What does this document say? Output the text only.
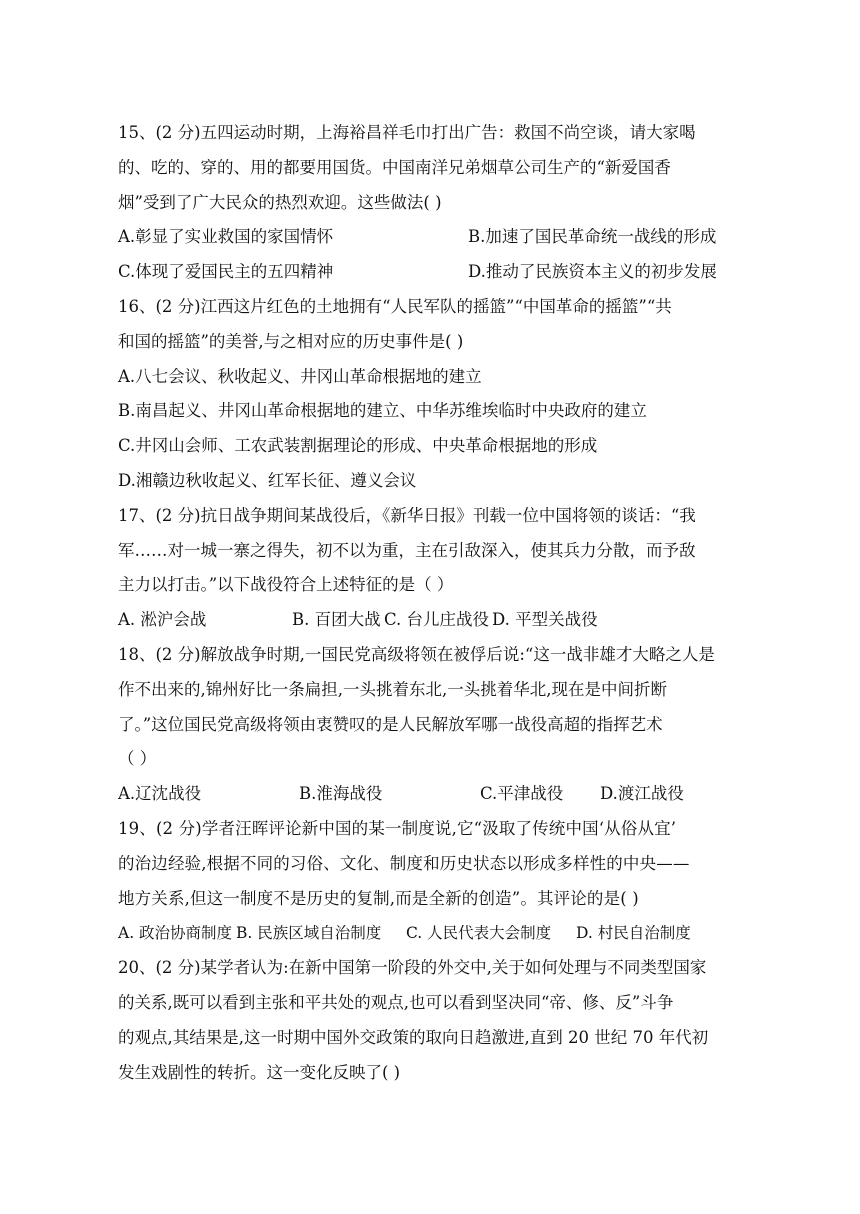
15、(2 分)五四运动时期，上海裕昌祥毛巾打出广告：救国不尚空谈，请大家喝
的、吃的、穿的、用的都要用国货。中国南洋兄弟烟草公司生产的“新爱国香
烟”受到了广大民众的热烈欢迎。这些做法( )
A.彰显了实业救国的家国情怀	B.加速了国民革命统一战线的形成
C.体现了爱国民主的五四精神	D.推动了民族资本主义的初步发展
16、(2 分)江西这片红色的土地拥有“人民军队的摇篮”“中国革命的摇篮”“共
和国的摇篮”的美誉,与之相对应的历史事件是( )
A.八七会议、秋收起义、井冈山革命根据地的建立
B.南昌起义、井冈山革命根据地的建立、中华苏维埃临时中央政府的建立
C.井冈山会师、工农武装割据理论的形成、中央革命根据地的形成
D.湘赣边秋收起义、红军长征、遵义会议
17、(2 分)抗日战争期间某战役后，《新华日报》刊载一位中国将领的谈话：“我
军……对一城一寨之得失，初不以为重，主在引敌深入，使其兵力分散，而予敌
主力以打击。”以下战役符合上述特征的是（ ）
A. 淞沪会战	B. 百团大战 C. 台儿庄战役 D. 平型关战役
18、(2 分)解放战争时期,一国民党高级将领在被俘后说:“这一战非雄才大略之人是
作不出来的,锦州好比一条扁担,一头挑着东北,一头挑着华北,现在是中间折断
了。”这位国民党高级将领由衷赞叹的是人民解放军哪一战役高超的指挥艺术
（ ）
A.辽沈战役	B.淮海战役	C.平津战役	D.渡江战役
19、(2 分)学者汪晖评论新中国的某一制度说,它“汲取了传统中国‘从俗从宜’
的治边经验,根据不同的习俗、文化、制度和历史状态以形成多样性的中央——
地方关系,但这一制度不是历史的复制,而是全新的创造”。其评论的是( )
A. 政治协商制度 B. 民族区域自治制度	C. 人民代表大会制度	D. 村民自治制度
20、(2 分)某学者认为:在新中国第一阶段的外交中,关于如何处理与不同类型国家
的关系,既可以看到主张和平共处的观点,也可以看到坚决同“帝、修、反”斗争
的观点,其结果是,这一时期中国外交政策的取向日趋激进,直到 20 世纪 70 年代初
发生戏剧性的转折。这一变化反映了( )
